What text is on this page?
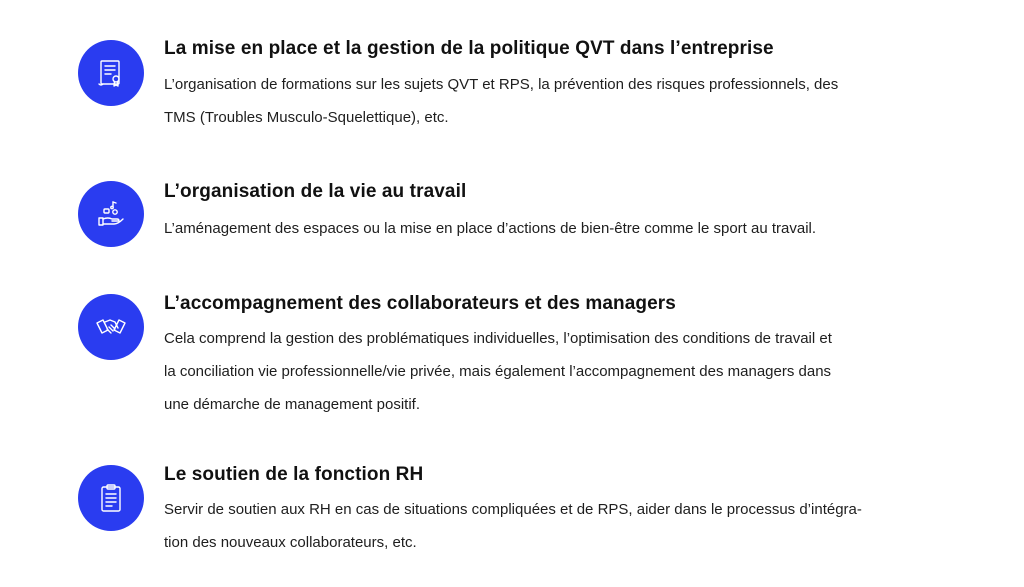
La mise en place et la gestion de la politique QVT dans l’entreprise
L’organisation de formations sur les sujets QVT et RPS, la prévention des risques professionnels, des
TMS (Troubles Musculo-Squelettique), etc.
L’organisation de la vie au travail
L’aménagement des espaces ou la mise en place d’actions de bien-être comme le sport au travail.
L’accompagnement des collaborateurs et des managers
Cela comprend la gestion des problématiques individuelles, l’optimisation des conditions de travail et
la conciliation vie professionnelle/vie privée, mais également l’accompagnement des managers dans
une démarche de management positif.
Le soutien de la fonction RH
Servir de soutien aux RH en cas de situations compliquées et de RPS, aider dans le processus d’intégra-
tion des nouveaux collaborateurs, etc.
